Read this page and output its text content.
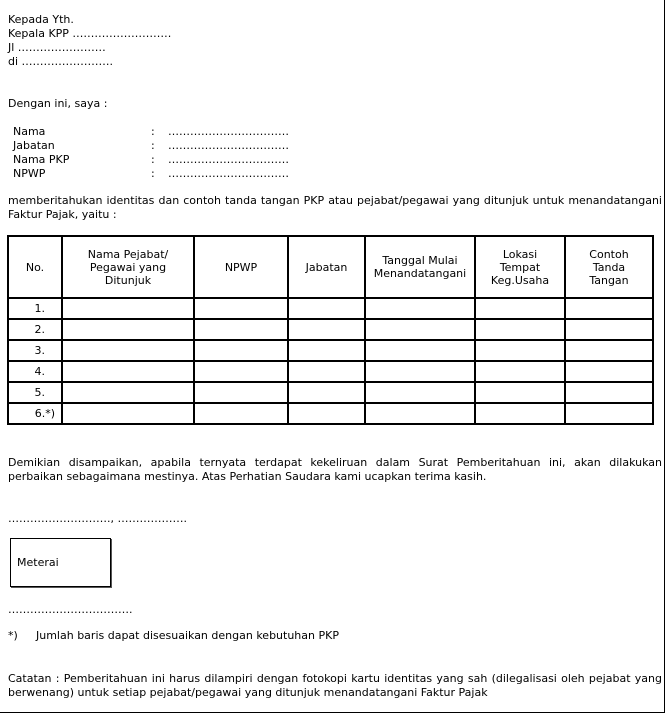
Kepada Yth.
Kepala KPP ………………………
Jl ……………………
di …………………….
Dengan ini, saya :
Nama	: ……………………………
Jabatan	: ……………………………
Nama PKP	: ……………………………
NPWP	: ……………………………
memberitahukan identitas dan contoh tanda tangan PKP atau pejabat/pegawai yang ditunjuk untuk menandatangani Faktur Pajak, yaitu :
No.	Nama Pejabat/ Pegawai yang Ditunjuk	NPWP	Jabatan	Tanggal Mulai Menandatangani	Lokasi Tempat Keg.Usaha	Contoh Tanda Tangan
1.						
2.						
3.						
4.						
5.						
6.*)						
Demikian disampaikan, apabila ternyata terdapat kekeliruan dalam Surat Pemberitahuan ini, akan dilakukan perbaikan sebagaimana mestinya. Atas Perhatian Saudara kami ucapkan terima kasih.
………………………., ……………….
Meterai
…………………………….
*) Jumlah baris dapat disesuaikan dengan kebutuhan PKP
Catatan : Pemberitahuan ini harus dilampiri dengan fotokopi kartu identitas yang sah (dilegalisasi oleh pejabat yang berwenang) untuk setiap pejabat/pegawai yang ditunjuk menandatangani Faktur Pajak
